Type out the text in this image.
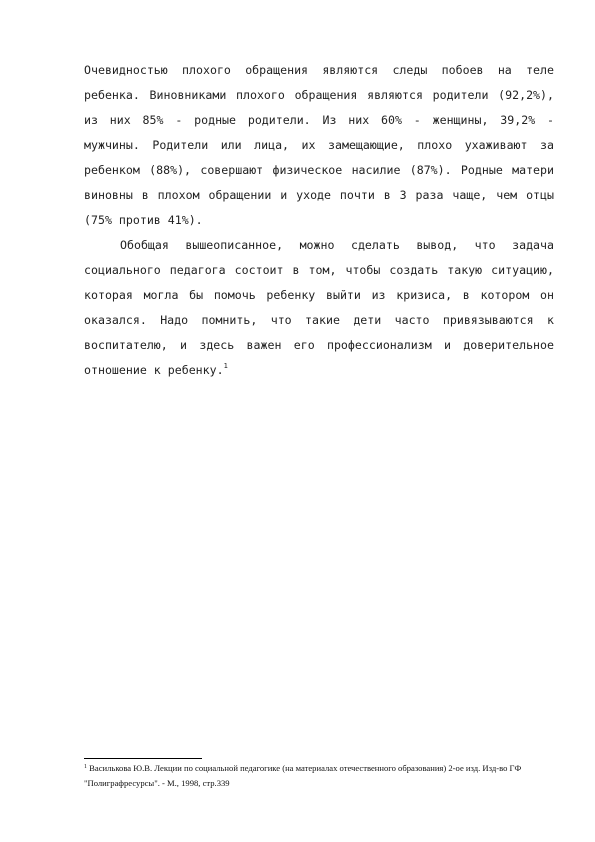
Очевидностью плохого обращения являются следы побоев на теле ребенка. Виновниками плохого обращения являются родители (92,2%), из них 85% - родные родители. Из них 60% - женщины, 39,2% - мужчины. Родители или лица, их замещающие, плохо ухаживают за ребенком (88%), совершают физическое насилие (87%). Родные матери виновны в плохом обращении и уходе почти в 3 раза чаще, чем отцы (75% против 41%).

Обобщая вышеописанное, можно сделать вывод, что задача социального педагога состоит в том, чтобы создать такую ситуацию, которая могла бы помочь ребенку выйти из кризиса, в котором он оказался. Надо помнить, что такие дети часто привязываются к воспитателю, и здесь важен его профессионализм и доверительное отношение к ребенку.$^1$

$^1$ Василькова Ю.В. Лекции по социальной педагогике (на материалах отечественного образования) 2-ое изд. Изд-во ГФ "Полиграфресурсы". - М., 1998, стр.339
